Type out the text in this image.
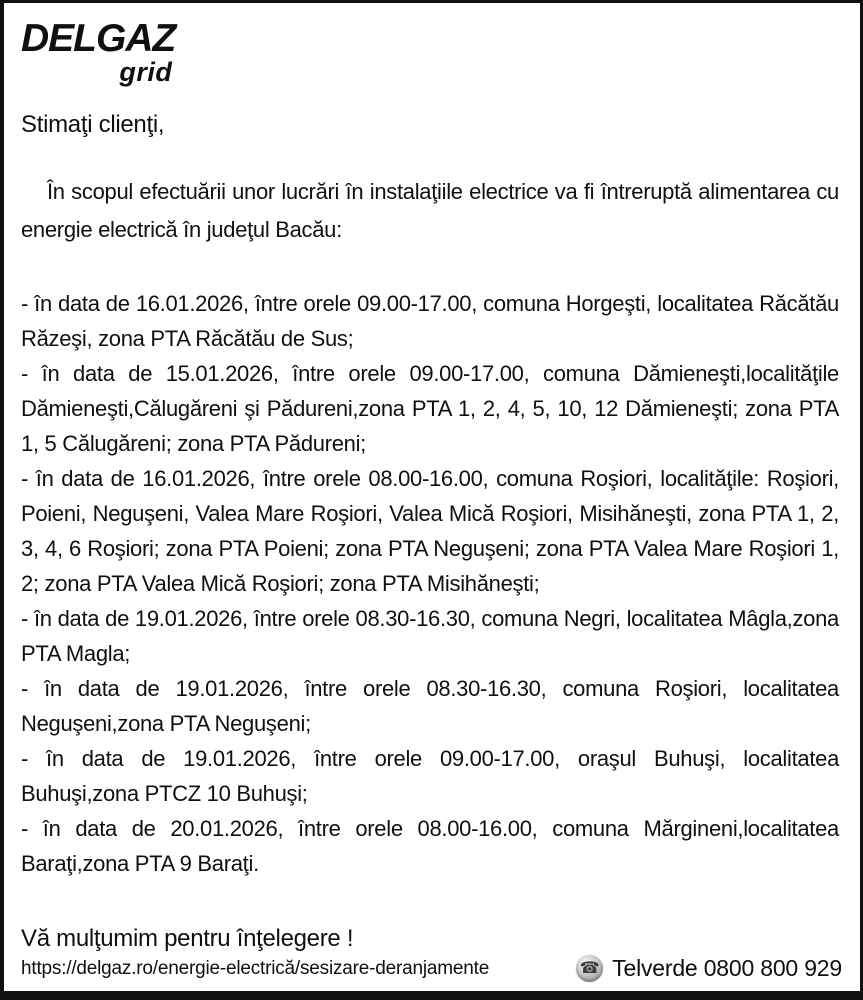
DELGAZ
grid
Stimaţi clienţi,

În scopul efectuării unor lucrări în instalaţiile electrice va fi întreruptă alimentarea cu energie electrică în judeţul Bacău:

- în data de 16.01.2026, între orele 09.00-17.00, comuna Horgeşti, localitatea Răcătău Răzeşi, zona PTA Răcătău de Sus;

- în data de 15.01.2026, între orele 09.00-17.00, comuna Dămieneşti,localităţile Dămieneşti,Călugăreni şi Pădureni,zona PTA 1, 2, 4, 5, 10, 12 Dămieneşti; zona PTA 1, 5 Călugăreni; zona PTA Pădureni;

- în data de 16.01.2026, între orele 08.00-16.00, comuna Roşiori, localităţile: Roşiori, Poieni, Neguşeni, Valea Mare Roşiori, Valea Mică Roşiori, Misihăneşti, zona PTA 1, 2, 3, 4, 6 Roşiori; zona PTA Poieni; zona PTA Neguşeni; zona PTA Valea Mare Roşiori 1, 2; zona PTA Valea Mică Roşiori; zona PTA Misihăneşti;

- în data de 19.01.2026, între orele 08.30-16.30, comuna Negri, localitatea Mâgla,zona PTA Magla;

- în data de 19.01.2026, între orele 08.30-16.30, comuna Roşiori, localitatea Neguşeni,zona PTA Neguşeni;

- în data de 19.01.2026, între orele 09.00-17.00, oraşul Buhuşi, localitatea Buhuşi,zona PTCZ 10 Buhuşi;

- în data de 20.01.2026, între orele 08.00-16.00, comuna Mărgineni,localitatea Baraţi,zona PTA 9 Baraţi.

Vă mulţumim pentru înţelegere !
https://delgaz.ro/energie-electrică/sesizare-deranjamente	☎ Telverde 0800 800 929
